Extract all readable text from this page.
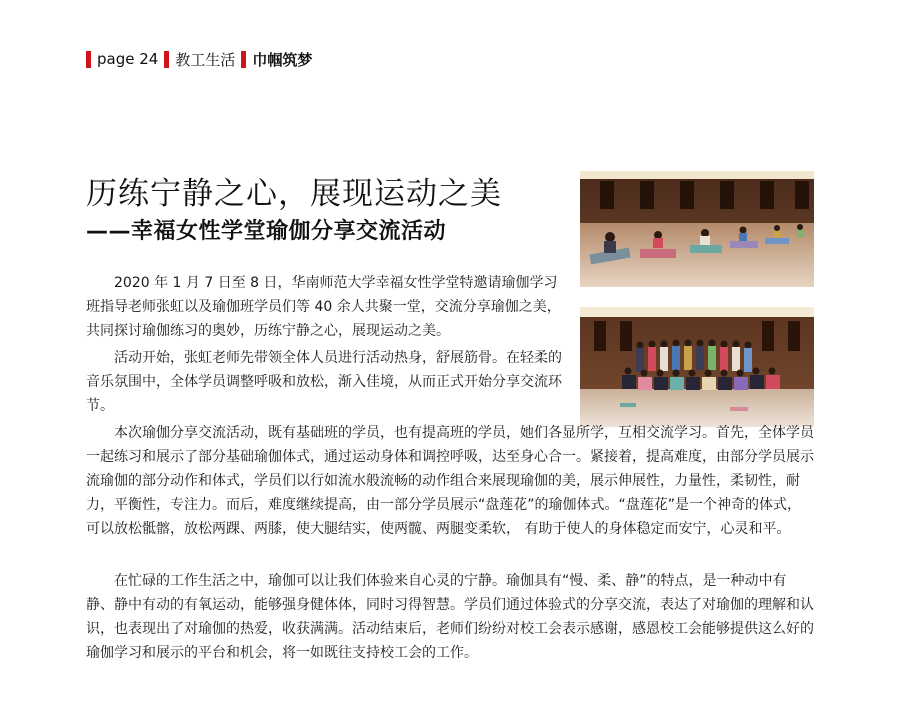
page 24 教工生活 巾帼筑梦
历练宁静之心，展现运动之美
——幸福女性学堂瑜伽分享交流活动

2020 年 1 月 7 日至 8 日，华南师范大学幸福女性学堂特邀请瑜伽学习班指导老师张虹以及瑜伽班学员们等 40 余人共聚一堂，交流分享瑜伽之美，共同探讨瑜伽练习的奥妙，历练宁静之心，展现运动之美。

活动开始，张虹老师先带领全体人员进行活动热身，舒展筋骨。在轻柔的音乐氛围中，全体学员调整呼吸和放松，渐入佳境，从而正式开始分享交流环节。

本次瑜伽分享交流活动，既有基础班的学员，也有提高班的学员，她们各显所学，互相交流学习。首先，全体学员一起练习和展示了部分基础瑜伽体式，通过运动身体和调控呼吸，达至身心合一。紧接着，提高难度，由部分学员展示流瑜伽的部分动作和体式，学员们以行如流水般流畅的动作组合来展现瑜伽的美，展示伸展性，力量性，柔韧性，耐力，平衡性，专注力。而后，难度继续提高，由一部分学员展示“盘莲花”的瑜伽体式。“盘莲花”是一个神奇的体式，可以放松骶髂，放松两踝、两膝，使大腿结实，使两髋、两腿变柔软， 有助于使人的身体稳定而安宁，心灵和平。

在忙碌的工作生活之中，瑜伽可以让我们体验来自心灵的宁静。瑜伽具有“慢、柔、静”的特点，是一种动中有静、静中有动的有氧运动，能够强身健体体，同时习得智慧。学员们通过体验式的分享交流，表达了对瑜伽的理解和认识，也表现出了对瑜伽的热爱，收获满满。活动结束后，老师们纷纷对校工会表示感谢，感恩校工会能够提供这么好的瑜伽学习和展示的平台和机会，将一如既往支持校工会的工作。
